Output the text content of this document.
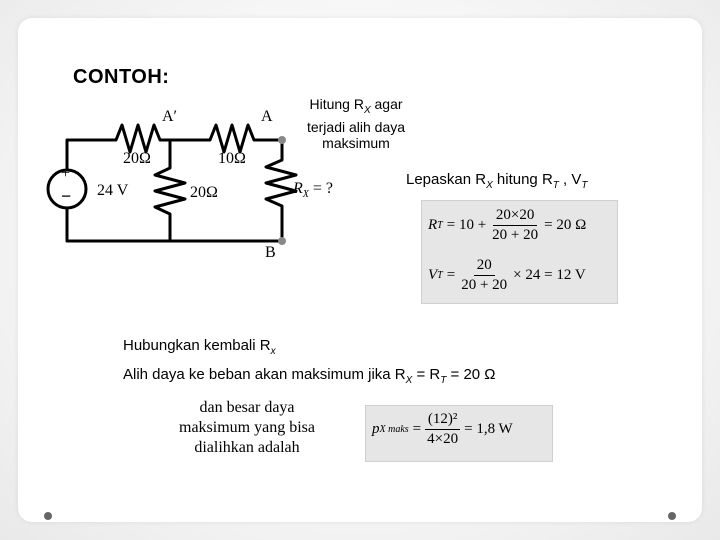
CONTOH:
+
−
A′	A
B
20Ω	10Ω
20Ω
24 V	$R_X$ = ?
Hitung $R_X$ agar
terjadi alih daya
maksimum
Lepaskan $R_X$ hitung $R_T$ , $V_T$
R $T = 10 + \frac{20\times 20}{20 + 20} = 20$ Ω
V $T = \frac{20}{20 + 20} \times 24 = 12$ V
Hubungkan kembali $R_x$
Alih daya ke beban akan maksimum jika $R_X = R_T = 20$ Ω
dan besar daya
maksimum yang bisa
dialihkan adalah
p X maks = $\frac{\text{(12)²}}{4\times 20} = 1,8$ W
